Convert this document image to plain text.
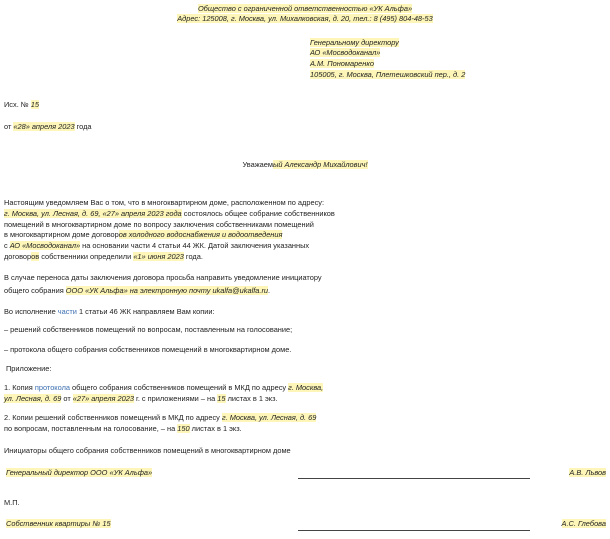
Общество с ограниченной ответственностью «УК Альфа»
Адрес: 125008, г. Москва, ул. Михалковская, д. 20, тел.: 8 (495) 804-48-53
Генеральному директору
АО «Мосводоканал»
А.М. Пономаренко
105005, г. Москва, Плетешковский пер., д. 2
Исх. № 15
от «28» апреля 2023 года
Уважаемый Александр Михайлович!
Настоящим уведомляем Вас о том, что в многоквартирном доме, расположенном по адресу:
г. Москва, ул. Лесная, д. 69, «27» апреля 2023 года состоялось общее собрание собственников
помещений в многоквартирном доме по вопросу заключения собственниками помещений
в многоквартирном доме договоров холодного водоснабжения и водоотведения
с АО «Мосводоканал» на основании части 4 статьи 44 ЖК. Датой заключения указанных
договоров собственники определили «1» июня 2023 года.
В случае переноса даты заключения договора просьба направить уведомление инициатору
общего собрания ООО «УК Альфа» на электронную почту ukalfa@ukalfa.ru.
Во исполнение части 1 статьи 46 ЖК направляем Вам копии:
– решений собственников помещений по вопросам, поставленным на голосование;
– протокола общего собрания собственников помещений в многоквартирном доме.
Приложение:
1. Копия протокола общего собрания собственников помещений в МКД по адресу г. Москва,
ул. Лесная, д. 69 от «27» апреля 2023 г. с приложениями – на 15 листах в 1 экз.
2. Копии решений собственников помещений в МКД по адресу г. Москва, ул. Лесная, д. 69
по вопросам, поставленным на голосование, – на 150 листах в 1 экз.
Инициаторы общего собрания собственников помещений в многоквартирном доме
Генеральный директор ООО «УК Альфа»	А.В. Львов
М.П.
Собственник квартиры № 15	А.С. Глебова
